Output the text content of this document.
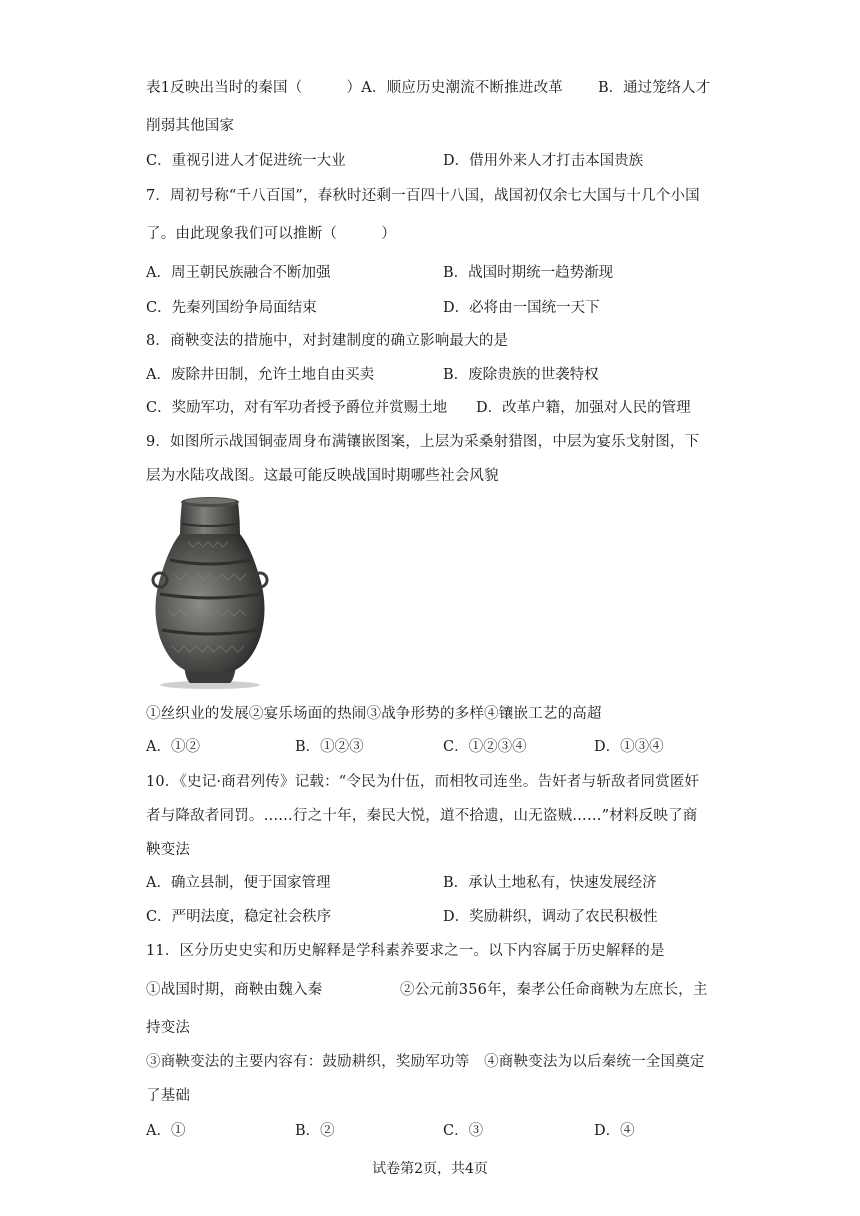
表1反映出当时的秦国（　　　）A．顺应历史潮流不断推进改革 B．通过笼络人才
削弱其他国家
C．重视引进人才促进统一大业	D．借用外来人才打击本国贵族
7．周初号称“千八百国”，春秋时还剩一百四十八国，战国初仅余七大国与十几个小国
了。由此现象我们可以推断（　　　）
A．周王朝民族融合不断加强	B．战国时期统一趋势渐现
C．先秦列国纷争局面结束	D．必将由一国统一天下
8．商鞅变法的措施中，对封建制度的确立影响最大的是
A．废除井田制，允许土地自由买卖	B．废除贵族的世袭特权
C．奖励军功，对有军功者授予爵位并赏赐土地 D．改革户籍，加强对人民的管理
9．如图所示战国铜壶周身布满镶嵌图案，上层为采桑射猎图，中层为宴乐戈射图，下
层为水陆攻战图。这最可能反映战国时期哪些社会风貌
①丝织业的发展②宴乐场面的热闹③战争形势的多样④镶嵌工艺的高超
A．①②	B．①②③	C．①②③④	D．①③④
10．《史记·商君列传》记载：“令民为什伍，而相牧司连坐。告奸者与斩敌者同赏匿奸
者与降敌者同罚。……行之十年，秦民大悦，道不拾遗，山无盗贼……”材料反映了商
鞅变法
A．确立县制，便于国家管理	B．承认土地私有，快速发展经济
C．严明法度，稳定社会秩序	D．奖励耕织，调动了农民积极性
11．区分历史史实和历史解释是学科素养要求之一。以下内容属于历史解释的是
①战国时期，商鞅由魏入秦	②公元前356年，秦孝公任命商鞅为左庶长，主
持变法
③商鞅变法的主要内容有：鼓励耕织，奖励军功等　 ④商鞅变法为以后秦统一全国奠定
了基础
A．①	B．②	C．③	D．④
试卷第2页，共4页
